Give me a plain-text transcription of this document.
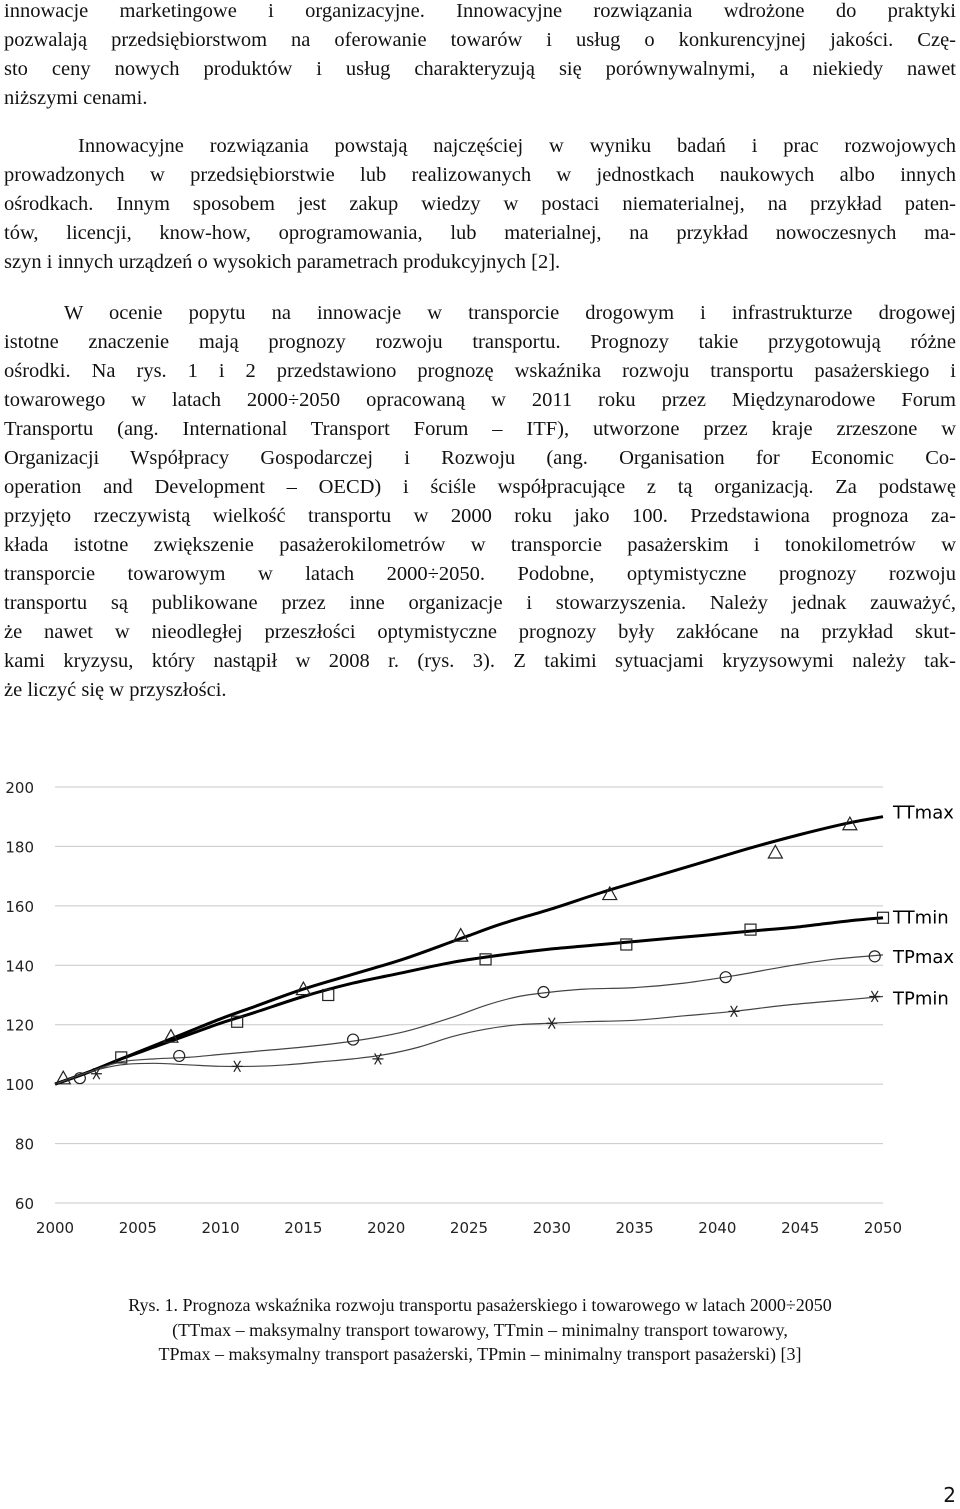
innowacje marketingowe i organizacyjne. Innowacyjne rozwiązania wdrożone do praktyki
pozwalają przedsiębiorstwom na oferowanie towarów i usług o konkurencyjnej jakości. Czę-
sto ceny nowych produktów i usług charakteryzują się porównywalnymi, a niekiedy nawet
niższymi cenami.

Innowacyjne rozwiązania powstają najczęściej w wyniku badań i prac rozwojowych
prowadzonych w przedsiębiorstwie lub realizowanych w jednostkach naukowych albo innych
ośrodkach. Innym sposobem jest zakup wiedzy w postaci niematerialnej, na przykład paten-
tów, licencji, know-how, oprogramowania, lub materialnej, na przykład nowoczesnych ma-
szyn i innych urządzeń o wysokich parametrach produkcyjnych [2].

W ocenie popytu na innowacje w transporcie drogowym i infrastrukturze drogowej
istotne znaczenie mają prognozy rozwoju transportu. Prognozy takie przygotowują różne
ośrodki. Na rys. 1 i 2 przedstawiono prognozę wskaźnika rozwoju transportu pasażerskiego i
towarowego w latach 2000÷2050 opracowaną w 2011 roku przez Międzynarodowe Forum
Transportu (ang. International Transport Forum – ITF), utworzone przez kraje zrzeszone w
Organizacji Współpracy Gospodarczej i Rozwoju (ang. Organisation for Economic Co-
operation and Development – OECD) i ściśle współpracujące z tą organizacją. Za podstawę
przyjęto rzeczywistą wielkość transportu w 2000 roku jako 100. Przedstawiona prognoza za-
kłada istotne zwiększenie pasażerokilometrów w transporcie pasażerskim i tonokilometrów w
transporcie towarowym w latach 2000÷2050. Podobne, optymistyczne prognozy rozwoju
transportu są publikowane przez inne organizacje i stowarzyszenia. Należy jednak zauważyć,
że nawet w nieodległej przeszłości optymistyczne prognozy były zakłócane na przykład skut-
kami kryzysu, który nastąpił w 2008 r. (rys. 3). Z takimi sytuacjami kryzysowymi należy tak-
że liczyć się w przyszłości.

60
80
100
120
140
160
180
200
2000	2005	2010	2015	2020	2025	2030	2035	2040	2045	2050
TTmax
TTmin
TPmax
TPmin
Rys. 1. Prognoza wskaźnika rozwoju transportu pasażerskiego i towarowego w latach 2000÷2050
(TTmax – maksymalny transport towarowy, TTmin – minimalny transport towarowy,
TPmax – maksymalny transport pasażerski, TPmin – minimalny transport pasażerski) [3]
2
